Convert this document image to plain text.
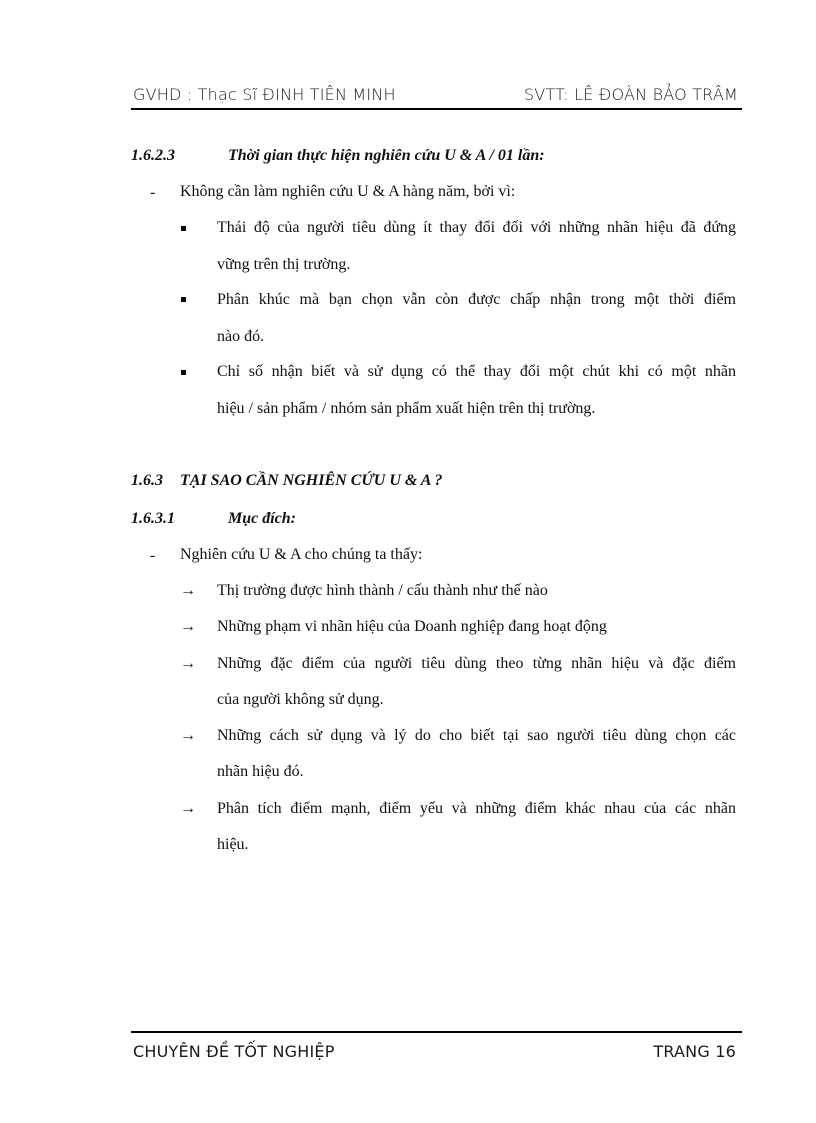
GVHD : Thạc Sĩ ĐINH TIÊN MINH	SVTT: LÊ ĐOÀN BẢO TRÂM
1.6.2.3	Thời gian thực hiện nghiên cứu U & A / 01 lần:
- Không cần làm nghiên cứu U & A hàng năm, bởi vì:
Thái độ của người tiêu dùng ít thay đổi đối với những nhãn hiệu đã đứng
vững trên thị trường.
Phân khúc mà bạn chọn vẫn còn được chấp nhận trong một thời điểm
nào đó.
Chỉ số nhận biết và sử dụng có thể thay đổi một chút khi có một nhãn
hiệu / sản phẩm / nhóm sản phẩm xuất hiện trên thị trường.
1.6.3 TẠI SAO CẦN NGHIÊN CỨU U & A ?
1.6.3.1	Mục đích:
- Nghiên cứu U & A cho chúng ta thấy:
→ Thị trường được hình thành / cấu thành như thế nào
→ Những phạm vi nhãn hiệu của Doanh nghiệp đang hoạt động
→ Những đặc điểm của người tiêu dùng theo từng nhãn hiệu và đặc điểm
của người không sử dụng.
→ Những cách sử dụng và lý do cho biết tại sao người tiêu dùng chọn các
nhãn hiệu đó.
→ Phân tích điểm mạnh, điểm yếu và những điểm khác nhau của các nhãn
hiệu.
CHUYÊN ĐỀ TỐT NGHIỆP	TRANG 16
